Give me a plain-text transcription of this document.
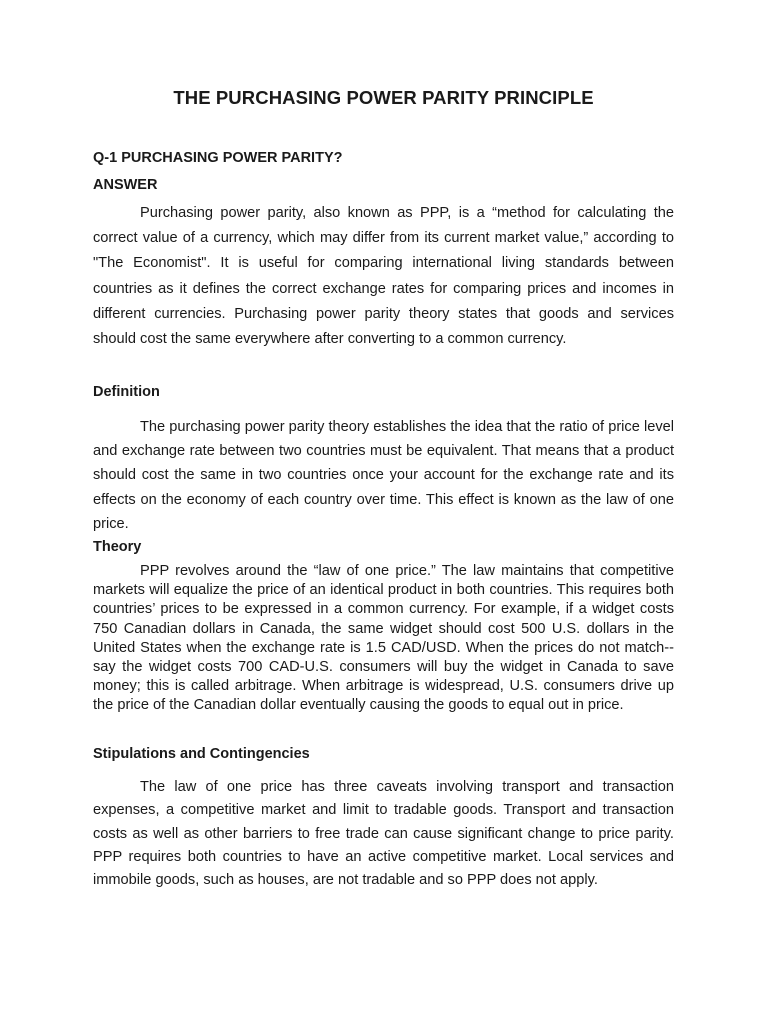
THE PURCHASING POWER PARITY PRINCIPLE
Q-1 PURCHASING POWER PARITY?
ANSWER

Purchasing power parity, also known as PPP, is a “method for calculating the correct value of a currency, which may differ from its current market value,” according to "The Economist". It is useful for comparing international living standards between countries as it defines the correct exchange rates for comparing prices and incomes in different currencies. Purchasing power parity theory states that goods and services should cost the same everywhere after converting to a common currency.

Definition

The purchasing power parity theory establishes the idea that the ratio of price level and exchange rate between two countries must be equivalent. That means that a product should cost the same in two countries once your account for the exchange rate and its effects on the economy of each country over time. This effect is known as the law of one price.

Theory

PPP revolves around the “law of one price.” The law maintains that competitive markets will equalize the price of an identical product in both countries. This requires both countries’ prices to be expressed in a common currency. For example, if a widget costs 750 Canadian dollars in Canada, the same widget should cost 500 U.S. dollars in the United States when the exchange rate is 1.5 CAD/USD. When the prices do not match--say the widget costs 700 CAD-U.S. consumers will buy the widget in Canada to save money; this is called arbitrage. When arbitrage is widespread, U.S. consumers drive up the price of the Canadian dollar eventually causing the goods to equal out in price.

Stipulations and Contingencies

The law of one price has three caveats involving transport and transaction expenses, a competitive market and limit to tradable goods. Transport and transaction costs as well as other barriers to free trade can cause significant change to price parity. PPP requires both countries to have an active competitive market. Local services and immobile goods, such as houses, are not tradable and so PPP does not apply.
